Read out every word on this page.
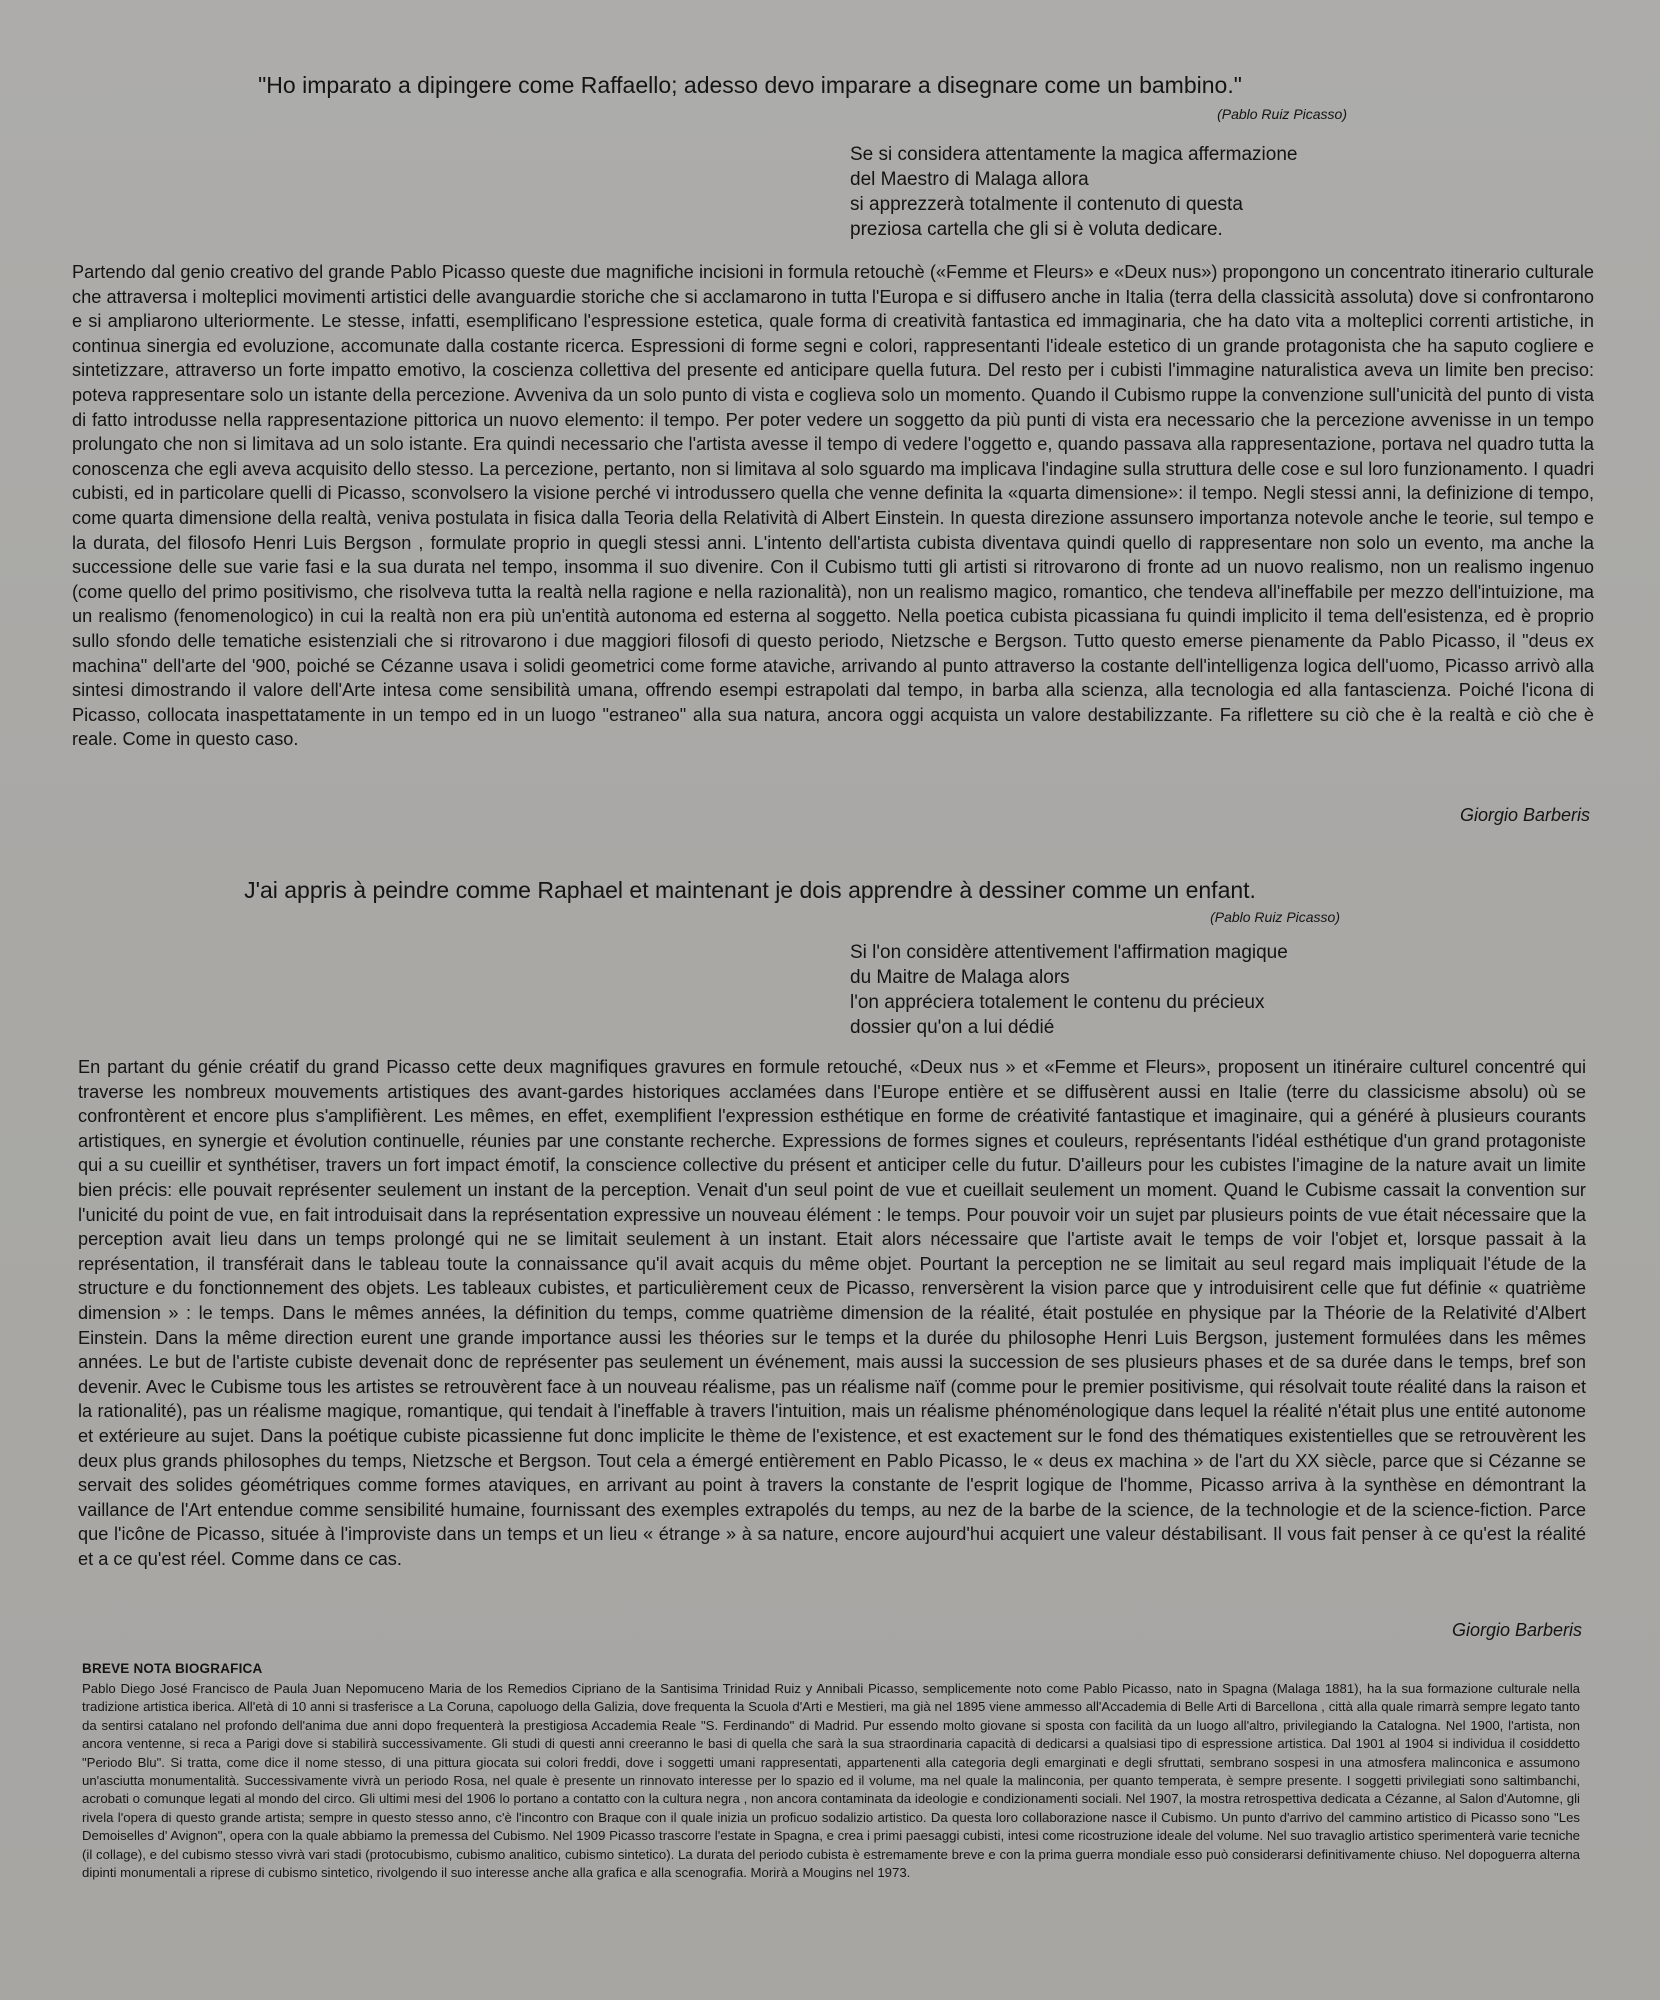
"Ho imparato a dipingere come Raffaello; adesso devo imparare a disegnare come un bambino."
(Pablo Ruiz Picasso)
Se si considera attentamente la magica affermazione
del Maestro di Malaga allora
si apprezzerà totalmente il contenuto di questa
preziosa cartella che gli si è voluta dedicare.
Partendo dal genio creativo del grande Pablo Picasso queste due magnifiche incisioni in formula retouchè («Femme et Fleurs» e «Deux nus») propongono un concentrato itinerario culturale che attraversa i molteplici movimenti artistici delle avanguardie storiche che si acclamarono in tutta l'Europa e si diffusero anche in Italia (terra della classicità assoluta) dove si confrontarono e si ampliarono ulteriormente. Le stesse, infatti, esemplificano l'espressione estetica, quale forma di creatività fantastica ed immaginaria, che ha dato vita a molteplici correnti artistiche, in continua sinergia ed evoluzione, accomunate dalla costante ricerca. Espressioni di forme segni e colori, rappresentanti l'ideale estetico di un grande protagonista che ha saputo cogliere e sintetizzare, attraverso un forte impatto emotivo, la coscienza collettiva del presente ed anticipare quella futura. Del resto per i cubisti l'immagine naturalistica aveva un limite ben preciso: poteva rappresentare solo un istante della percezione. Avveniva da un solo punto di vista e coglieva solo un momento. Quando il Cubismo ruppe la convenzione sull'unicità del punto di vista di fatto introdusse nella rappresentazione pittorica un nuovo elemento: il tempo. Per poter vedere un soggetto da più punti di vista era necessario che la percezione avvenisse in un tempo prolungato che non si limitava ad un solo istante. Era quindi necessario che l'artista avesse il tempo di vedere l'oggetto e, quando passava alla rappresentazione, portava nel quadro tutta la conoscenza che egli aveva acquisito dello stesso. La percezione, pertanto, non si limitava al solo sguardo ma implicava l'indagine sulla struttura delle cose e sul loro funzionamento. I quadri cubisti, ed in particolare quelli di Picasso, sconvolsero la visione perché vi introdussero quella che venne definita la «quarta dimensione»: il tempo. Negli stessi anni, la definizione di tempo, come quarta dimensione della realtà, veniva postulata in fisica dalla Teoria della Relatività di Albert Einstein. In questa direzione assunsero importanza notevole anche le teorie, sul tempo e la durata, del filosofo Henri Luis Bergson , formulate proprio in quegli stessi anni. L'intento dell'artista cubista diventava quindi quello di rappresentare non solo un evento, ma anche la successione delle sue varie fasi e la sua durata nel tempo, insomma il suo divenire. Con il Cubismo tutti gli artisti si ritrovarono di fronte ad un nuovo realismo, non un realismo ingenuo (come quello del primo positivismo, che risolveva tutta la realtà nella ragione e nella razionalità), non un realismo magico, romantico, che tendeva all'ineffabile per mezzo dell'intuizione, ma un realismo (fenomenologico) in cui la realtà non era più un'entità autonoma ed esterna al soggetto. Nella poetica cubista picassiana fu quindi implicito il tema dell'esistenza, ed è proprio sullo sfondo delle tematiche esistenziali che si ritrovarono i due maggiori filosofi di questo periodo, Nietzsche e Bergson. Tutto questo emerse pienamente da Pablo Picasso, il "deus ex machina" dell'arte del '900, poiché se Cézanne usava i solidi geometrici come forme ataviche, arrivando al punto attraverso la costante dell'intelligenza logica dell'uomo, Picasso arrivò alla sintesi dimostrando il valore dell'Arte intesa come sensibilità umana, offrendo esempi estrapolati dal tempo, in barba alla scienza, alla tecnologia ed alla fantascienza. Poiché l'icona di Picasso, collocata inaspettatamente in un tempo ed in un luogo "estraneo" alla sua natura, ancora oggi acquista un valore destabilizzante. Fa riflettere su ciò che è la realtà e ciò che è reale. Come in questo caso.
Giorgio Barberis
J'ai appris à peindre comme Raphael et maintenant je dois apprendre à dessiner comme un enfant.
(Pablo Ruiz Picasso)
Si l'on considère attentivement l'affirmation magique
du Maitre de Malaga alors
l'on appréciera totalement le contenu du précieux
dossier qu'on a lui dédié
En partant du génie créatif du grand Picasso cette deux magnifiques gravures en formule retouché, «Deux nus » et «Femme et Fleurs», proposent un itinéraire culturel concentré qui traverse les nombreux mouvements artistiques des avant-gardes historiques acclamées dans l'Europe entière et se diffusèrent aussi en Italie (terre du classicisme absolu) où se confrontèrent et encore plus s'amplifièrent. Les mêmes, en effet, exemplifient l'expression esthétique en forme de créativité fantastique et imaginaire, qui a généré à plusieurs courants artistiques, en synergie et évolution continuelle, réunies par une constante recherche. Expressions de formes signes et couleurs, représentants l'idéal esthétique d'un grand protagoniste qui a su cueillir et synthétiser, travers un fort impact émotif, la conscience collective du présent et anticiper celle du futur. D'ailleurs pour les cubistes l'imagine de la nature avait un limite bien précis: elle pouvait représenter seulement un instant de la perception. Venait d'un seul point de vue et cueillait seulement un moment. Quand le Cubisme cassait la convention sur l'unicité du point de vue, en fait introduisait dans la représentation expressive un nouveau élément : le temps. Pour pouvoir voir un sujet par plusieurs points de vue était nécessaire que la perception avait lieu dans un temps prolongé qui ne se limitait seulement à un instant. Etait alors nécessaire que l'artiste avait le temps de voir l'objet et, lorsque passait à la représentation, il transférait dans le tableau toute la connaissance qu'il avait acquis du même objet. Pourtant la perception ne se limitait au seul regard mais impliquait l'étude de la structure e du fonctionnement des objets. Les tableaux cubistes, et particulièrement ceux de Picasso, renversèrent la vision parce que y introduisirent celle que fut définie « quatrième dimension » : le temps. Dans le mêmes années, la définition du temps, comme quatrième dimension de la réalité, était postulée en physique par la Théorie de la Relativité d'Albert Einstein. Dans la même direction eurent une grande importance aussi les théories sur le temps et la durée du philosophe Henri Luis Bergson, justement formulées dans les mêmes années. Le but de l'artiste cubiste devenait donc de représenter pas seulement un événement, mais aussi la succession de ses plusieurs phases et de sa durée dans le temps, bref son devenir. Avec le Cubisme tous les artistes se retrouvèrent face à un nouveau réalisme, pas un réalisme naïf (comme pour le premier positivisme, qui résolvait toute réalité dans la raison et la rationalité), pas un réalisme magique, romantique, qui tendait à l'ineffable à travers l'intuition, mais un réalisme phénoménologique dans lequel la réalité n'était plus une entité autonome et extérieure au sujet. Dans la poétique cubiste picassienne fut donc implicite le thème de l'existence, et est exactement sur le fond des thématiques existentielles que se retrouvèrent les deux plus grands philosophes du temps, Nietzsche et Bergson. Tout cela a émergé entièrement en Pablo Picasso, le « deus ex machina » de l'art du XX siècle, parce que si Cézanne se servait des solides géométriques comme formes ataviques, en arrivant au point à travers la constante de l'esprit logique de l'homme, Picasso arriva à la synthèse en démontrant la vaillance de l'Art entendue comme sensibilité humaine, fournissant des exemples extrapolés du temps, au nez de la barbe de la science, de la technologie et de la science-fiction. Parce que l'icône de Picasso, située à l'improviste dans un temps et un lieu « étrange » à sa nature, encore aujourd'hui acquiert une valeur déstabilisant. Il vous fait penser à ce qu'est la réalité et a ce qu'est réel. Comme dans ce cas.
Giorgio Barberis
BREVE NOTA BIOGRAFICA
Pablo Diego José Francisco de Paula Juan Nepomuceno Maria de los Remedios Cipriano de la Santisima Trinidad Ruiz y Annibali Picasso, semplicemente noto come Pablo Picasso, nato in Spagna (Malaga 1881), ha la sua formazione culturale nella tradizione artistica iberica. All'età di 10 anni si trasferisce a La Coruna, capoluogo della Galizia, dove frequenta la Scuola d'Arti e Mestieri, ma già nel 1895 viene ammesso all'Accademia di Belle Arti di Barcellona , città alla quale rimarrà sempre legato tanto da sentirsi catalano nel profondo dell'anima due anni dopo frequenterà la prestigiosa Accademia Reale "S. Ferdinando" di Madrid. Pur essendo molto giovane si sposta con facilità da un luogo all'altro, privilegiando la Catalogna. Nel 1900, l'artista, non ancora ventenne, si reca a Parigi dove si stabilirà successivamente. Gli studi di questi anni creeranno le basi di quella che sarà la sua straordinaria capacità di dedicarsi a qualsiasi tipo di espressione artistica. Dal 1901 al 1904 si individua il cosiddetto "Periodo Blu". Si tratta, come dice il nome stesso, di una pittura giocata sui colori freddi, dove i soggetti umani rappresentati, appartenenti alla categoria degli emarginati e degli sfruttati, sembrano sospesi in una atmosfera malinconica e assumono un'asciutta monumentalità. Successivamente vivrà un periodo Rosa, nel quale è presente un rinnovato interesse per lo spazio ed il volume, ma nel quale la malinconia, per quanto temperata, è sempre presente. I soggetti privilegiati sono saltimbanchi, acrobati o comunque legati al mondo del circo. Gli ultimi mesi del 1906 lo portano a contatto con la cultura negra , non ancora contaminata da ideologie e condizionamenti sociali. Nel 1907, la mostra retrospettiva dedicata a Cézanne, al Salon d'Automne, gli rivela l'opera di questo grande artista; sempre in questo stesso anno, c'è l'incontro con Braque con il quale inizia un proficuo sodalizio artistico. Da questa loro collaborazione nasce il Cubismo. Un punto d'arrivo del cammino artistico di Picasso sono "Les Demoiselles d' Avignon", opera con la quale abbiamo la premessa del Cubismo. Nel 1909 Picasso trascorre l'estate in Spagna, e crea i primi paesaggi cubisti, intesi come ricostruzione ideale del volume. Nel suo travaglio artistico sperimenterà varie tecniche (il collage), e del cubismo stesso vivrà vari stadi (protocubismo, cubismo analitico, cubismo sintetico). La durata del periodo cubista è estremamente breve e con la prima guerra mondiale esso può considerarsi definitivamente chiuso. Nel dopoguerra alterna dipinti monumentali a riprese di cubismo sintetico, rivolgendo il suo interesse anche alla grafica e alla scenografia. Morirà a Mougins nel 1973.
